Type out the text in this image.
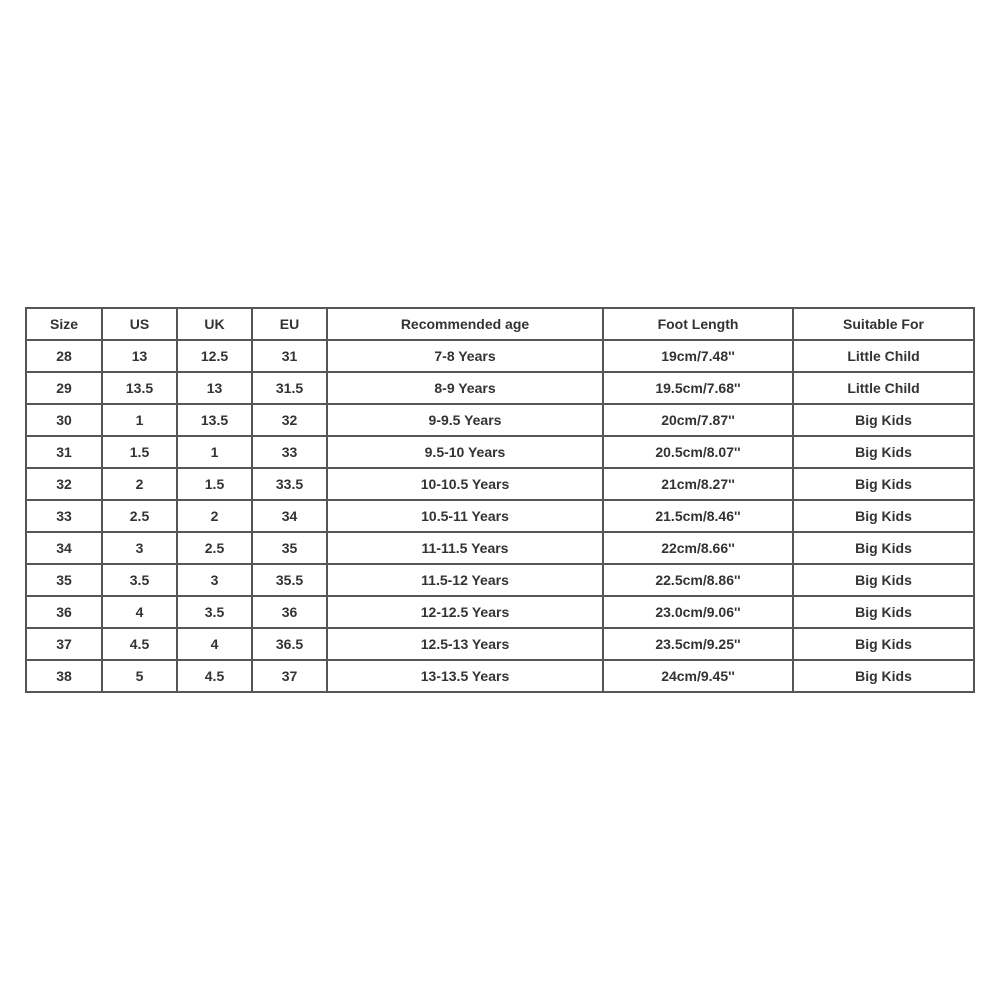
Size	US	UK	EU	Recommended age	Foot Length	Suitable For
28	13	12.5	31	7-8 Years	19cm/7.48''	Little Child
29	13.5	13	31.5	8-9 Years	19.5cm/7.68''	Little Child
30	1	13.5	32	9-9.5 Years	20cm/7.87''	Big Kids
31	1.5	1	33	9.5-10 Years	20.5cm/8.07''	Big Kids
32	2	1.5	33.5	10-10.5 Years	21cm/8.27''	Big Kids
33	2.5	2	34	10.5-11 Years	21.5cm/8.46''	Big Kids
34	3	2.5	35	11-11.5 Years	22cm/8.66''	Big Kids
35	3.5	3	35.5	11.5-12 Years	22.5cm/8.86''	Big Kids
36	4	3.5	36	12-12.5 Years	23.0cm/9.06''	Big Kids
37	4.5	4	36.5	12.5-13 Years	23.5cm/9.25''	Big Kids
38	5	4.5	37	13-13.5 Years	24cm/9.45''	Big Kids
